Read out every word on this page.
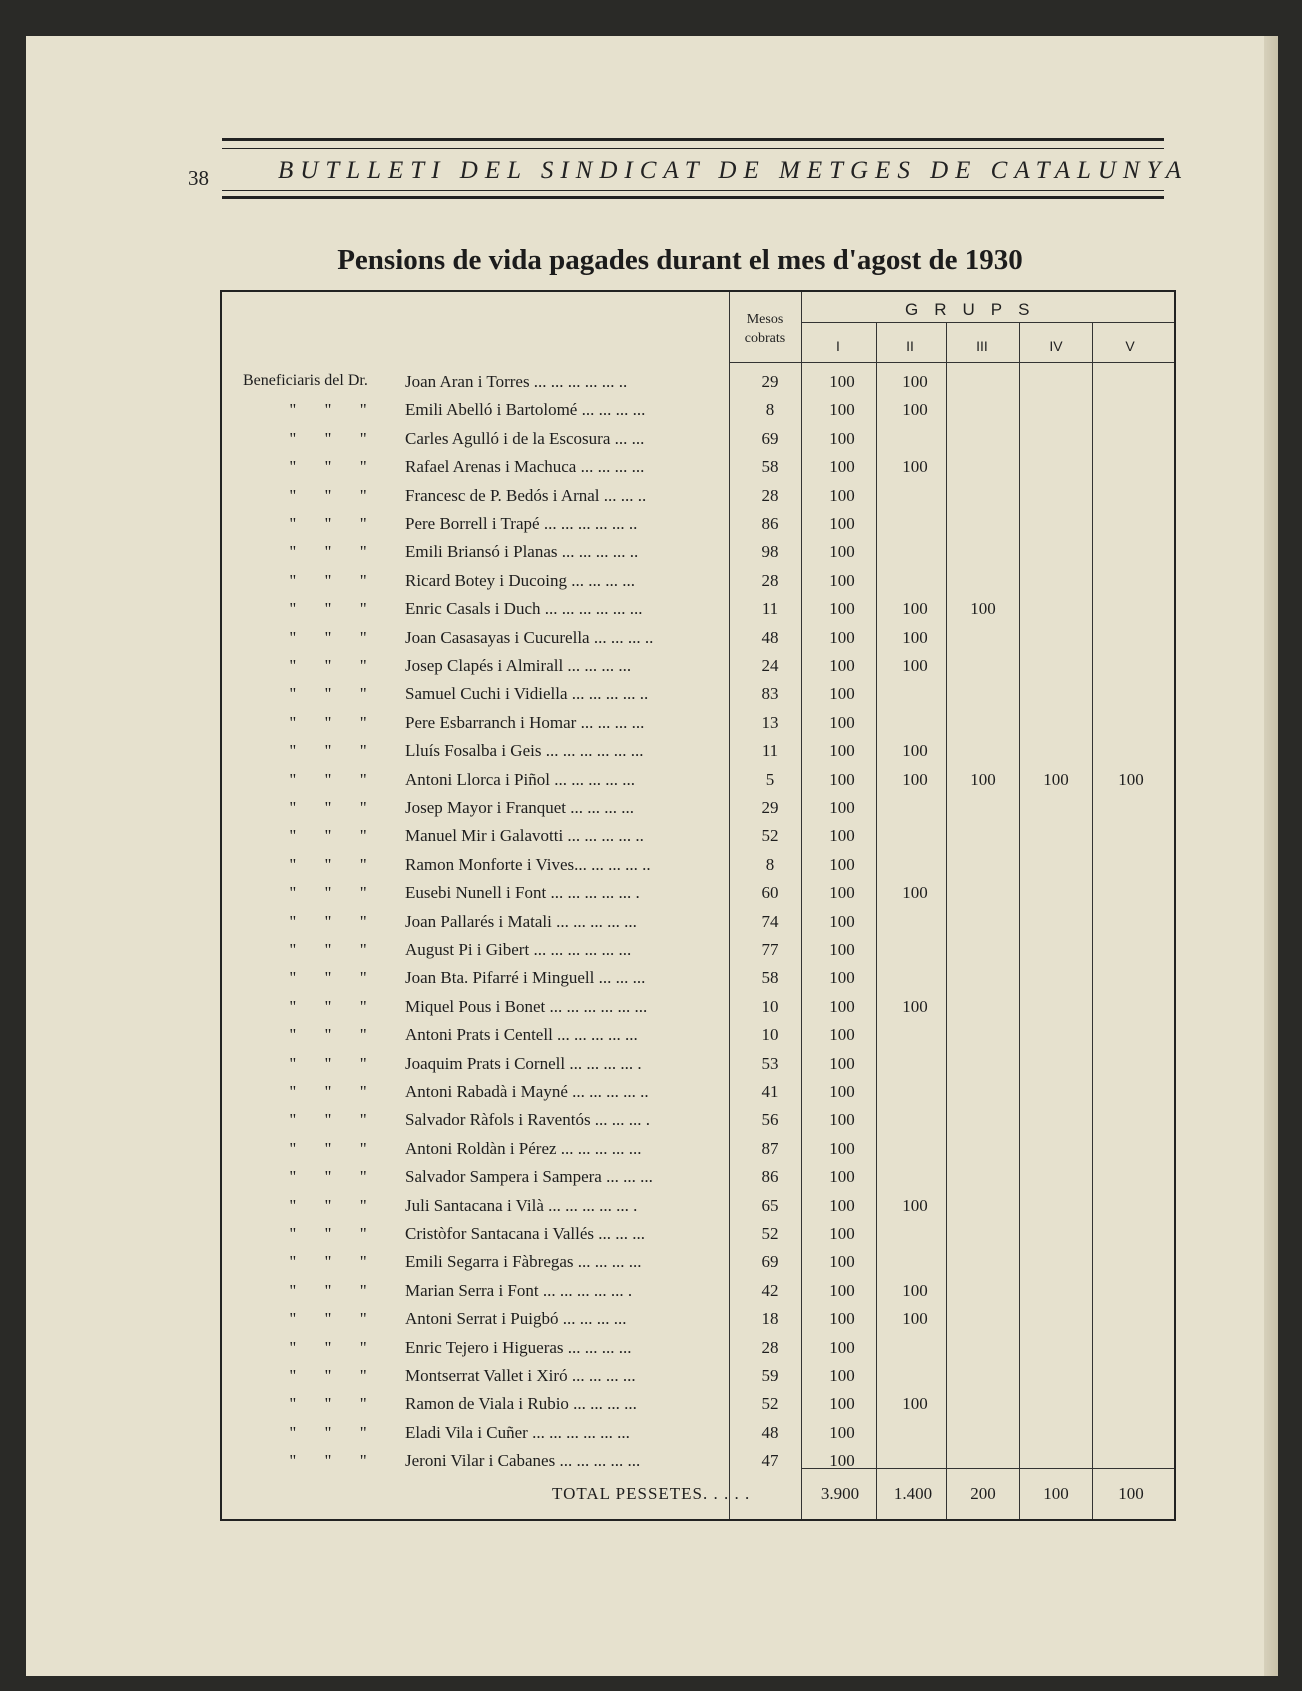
38	BUTLLETI DEL SINDICAT DE METGES DE CATALUNYA
Pensions de vida pagades durant el mes d'agost de 1930
Mesos cobrats
GRUPS
I	II	III	IV	V
Beneficiaris del Dr. Joan Aran i Torres ... ... ... ... ... ..	29	100	100
" " "	Emili Abelló i Bartolomé ... ... ... ...	8	100	100
" " "	Carles Agulló i de la Escosura ... ...	69	100
" " "	Rafael Arenas i Machuca ... ... ... ...	58	100	100
" " "	Francesc de P. Bedós i Arnal ... ... ..	28	100
" " "	Pere Borrell i Trapé ... ... ... ... ... ..	86	100
" " "	Emili Briansó i Planas ... ... ... ... ..	98	100
" " "	Ricard Botey i Ducoing ... ... ... ...	28	100
" " "	Enric Casals i Duch ... ... ... ... ... ...	11	100	100	100
" " "	Joan Casasayas i Cucurella ... ... ... ..	48	100	100
" " "	Josep Clapés i Almirall ... ... ... ...	24	100	100
" " "	Samuel Cuchi i Vidiella ... ... ... ... ..	83	100
" " "	Pere Esbarranch i Homar ... ... ... ...	13	100
" " "	Lluís Fosalba i Geis ... ... ... ... ... ...	11	100	100
" " "	Antoni Llorca i Piñol ... ... ... ... ...	5	100	100	100	100	100
" " "	Josep Mayor i Franquet ... ... ... ...	29	100
" " "	Manuel Mir i Galavotti ... ... ... ... ..	52	100
" " "	Ramon Monforte i Vives... ... ... ... ..	8	100
" " "	Eusebi Nunell i Font ... ... ... ... ... .	60	100	100
" " "	Joan Pallarés i Matali ... ... ... ... ...	74	100
" " "	August Pi i Gibert ... ... ... ... ... ...	77	100
" " "	Joan Bta. Pifarré i Minguell ... ... ...	58	100
" " "	Miquel Pous i Bonet ... ... ... ... ... ...	10	100	100
" " "	Antoni Prats i Centell ... ... ... ... ...	10	100
" " "	Joaquim Prats i Cornell ... ... ... ... .	53	100
" " "	Antoni Rabadà i Mayné ... ... ... ... ..	41	100
" " "	Salvador Ràfols i Raventós ... ... ... .	56	100
" " "	Antoni Roldàn i Pérez ... ... ... ... ...	87	100
" " "	Salvador Sampera i Sampera ... ... ...	86	100
" " "	Juli Santacana i Vilà ... ... ... ... ... .	65	100	100
" " "	Cristòfor Santacana i Vallés ... ... ...	52	100
" " "	Emili Segarra i Fàbregas ... ... ... ...	69	100
" " "	Marian Serra i Font ... ... ... ... ... .	42	100	100
" " "	Antoni Serrat i Puigbó ... ... ... ...	18	100	100
" " "	Enric Tejero i Higueras ... ... ... ...	28	100
" " "	Montserrat Vallet i Xiró ... ... ... ...	59	100
" " "	Ramon de Viala i Rubio ... ... ... ...	52	100	100
" " "	Eladi Vila i Cuñer ... ... ... ... ... ...	48	100
" " "	Jeroni Vilar i Cabanes ... ... ... ... ...	47	100
TOTAL PESSETES. . . . .	3.900	1.400	200	100	100
